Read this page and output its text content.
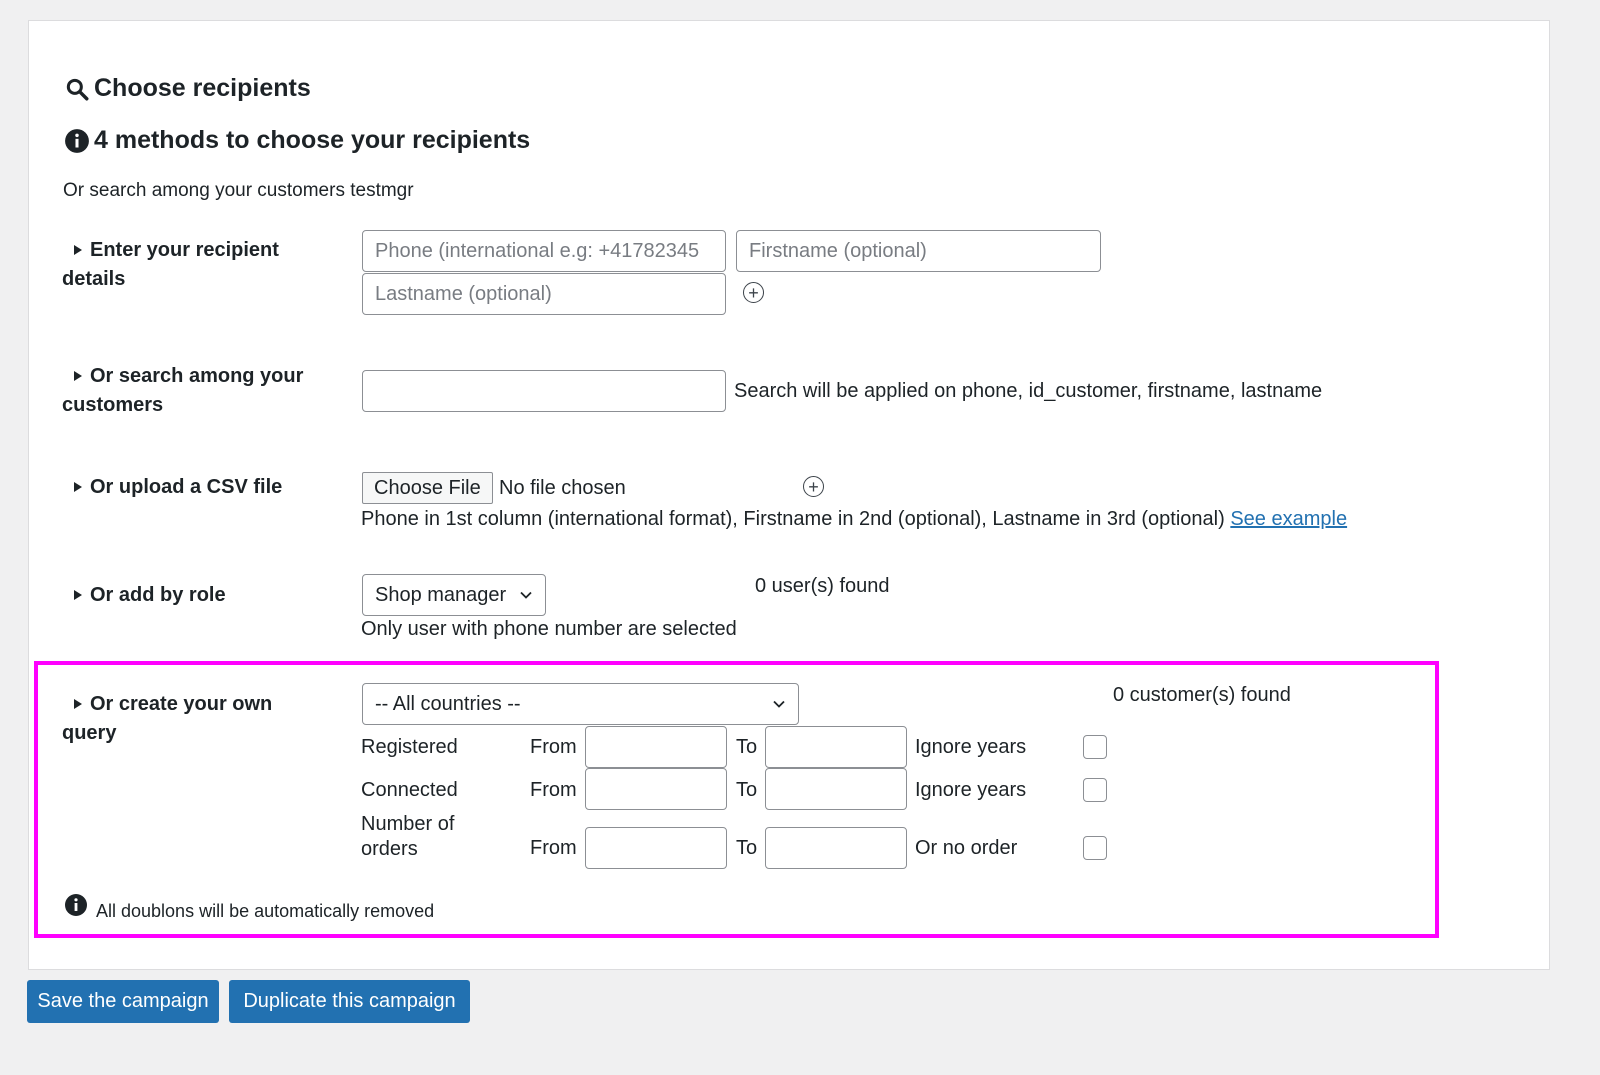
Choose recipients
4 methods to choose your recipients
Or search among your customers testmgr
Enter your recipient details
Phone (international e.g: +41782345
Firstname (optional)
Lastname (optional)
+
Or search among your customers
Search will be applied on phone, id_customer, firstname, lastname
Or upload a CSV file	Choose File No file chosen	+
Phone in 1st column (international format), Firstname in 2nd (optional), Lastname in 3rd (optional) See example
Or add by role	Shop manager	0 user(s) found
Only user with phone number are selected
Or create your own query
-- All countries --	0 customer(s) found
Registered	From	To	Ignore years
Connected	From	To	Ignore years
Number of orders	From	To	Or no order
All doublons will be automatically removed
Save the campaign	Duplicate this campaign
